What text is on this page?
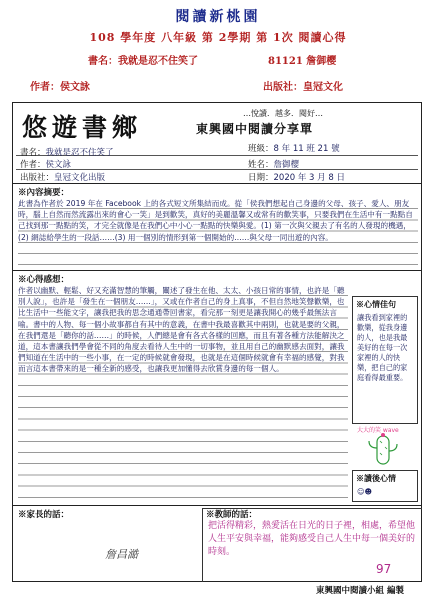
閱讀新桃園
108 學年度 八年級 第 2學期 第 1次 閱讀心得
書名：我就是忍不住笑了	81121 詹御樱
作者：侯文詠	出版社：皇冠文化
悠遊書鄉	…悅讀．越多．閱好…
東興國中閱讀分享單
班級：8 年 11 班 21 號
書名：我就是忍不住笑了
作者：侯文詠	姓名：詹御樱
出版社：皇冠文化出版	日期：2020 年 3 月 8 日
※內容摘要：
此書為作者於 2019 年在 Facebook 上的各式短文所集結而成。從「侯我們想起自己身邊的父母、孩子、愛人、朋友時，腦上自然而然流露出來的會心一笑」是到歡笑，真好的美麗溫馨又或常有的歡笑事，只要我們在生活中有一點點自己找到那一點點的笑，才完全就像是在我們心中小心一點點的快樂與愛。(1) 第一次與父親去了有名的人發現的機遇，(2) 網誌給學生的一段話……(3) 用一個別的情形到第一個開始的……與父母一同出遊的內容。
※心得感想：
作者以幽默、輕鬆、好又充滿智慧的筆觸，闡述了發生在他、太太、小孩日常的事情，也許是「聽別人說」，也許是「發生在一個朋友……」，又或在作者自己的身上真事，不但自然地笑聲歡樂，也比生活中一些能文字，讓我把我的思念通通帶回書家，看完那一刻更是讓我開心的幾乎最無法言喻。書中的人物、每一個小故事都自有其中的意義，在書中我最喜歡其中兩則，也就是要的父親，在我們還是「聽你的話……」的時候，人們總是會有各式各樣的回應，而且有著各種方法能解決之道，這本書讓我們學會從不同的角度去看待人生中的一切事物，並且用自己的幽默感去面對，讓我們知道在生活中的一些小事，在一定的時候就會發現，也就是在這個時候就會有幸福的感覺，對我而言這本書帶來的是一種全新的感受，也讓我更加懂得去欣賞身邊的每一個人。
※心情佳句
讓我看到家裡的歡樂，從我身邊的人，也是我最美好的在每一次家裡的人的快樂，把自己的家庭看得最重要。
大大的笑 wave
※讀後心情
☺☻
※家長的話：
詹昌澔
※教師的話：
把活得精彩，熱愛活在日光的日子裡，相處，希望他人生平安與幸福，能夠感受自己人生中每一個美好的時刻。
97
東興國中閱讀小組 編製
